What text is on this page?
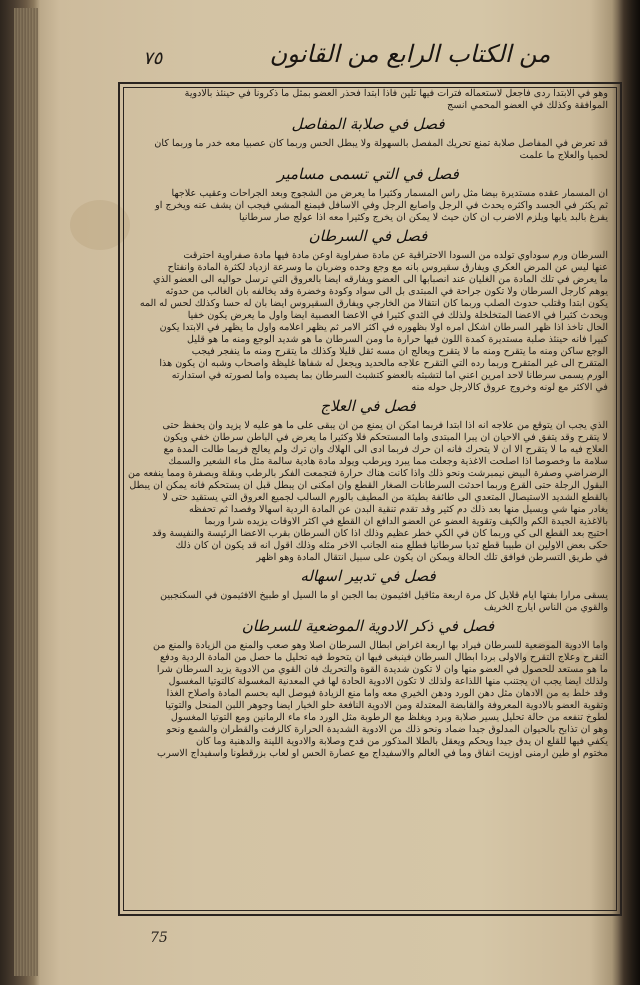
٧٥	من الكتاب الرابع من القانون
وهو في الابتدا ردى فاجعل لاستعماله فترات فيها تلين فاذا ابتدا فحذر العضو بمثل ما ذكرونا في حينئذ بالادوية
الموافقة وكذلك في العضو المحمي انسج
فصل في صلابة المفاصل
قد تعرض في المفاصل صلابة تمنع تحريك المفصل بالسهولة ولا يبطل الحس وربما كان عصبيا معه خدر ما وربما كان
لحميا والعلاج ما علمت
فصل في التي تسمى مسامير
ان المسمار عقده مستديرة بيضا مثل راس المسمار وكثيرا ما يعرض من الشجوج وبعد الجراحات وعقيب علاجها
ثم يكثر في الجسد واكثره يحدث في الرجل واصابع الرجل وفي الاسافل فيمنع المشي فيجب ان يشف عنه ويخرج او
يفرغ بالبد يابها ويلزم الاضرب ان كان حيث لا يمكن ان يخرج وكثيرا معه اذا عولج صار سرطانيا
فصل في السرطان
السرطان ورم سوداوي تولده من السودا الاحتراقية عن مادة صفراوية اوعن مادة فيها مادة صفراوية احترقت
عنها ليس عن المرض العكري ويفارق سقيروس بانه مع وجع وحده وضربان ما وسرعة ازدياد لكثرة المادة وانفتاح
ما يعرض في تلك المادة من الغليان عند انصبابها الى العضو ويفارقه ايضا بالعروق التي ترسل حواليه الى العضو الذي
يوهم كارجل السرطان ولا تكون جراحة في المبتدى بل الى سواد وكودة وخضرة وقد يخالفه بان الغالب من حدوثه
يكون ابتدا وقتلب حدوث الصلب وربما كان انتقالا من الخارجي ويفارق السقيروس ايضا بان له حسا وكذلك لحس له المه
ويحدث كثيرا في الاعضا المتخلخلة ولذلك في الثدي كثيرا في الاعضا العصبية ايضا واول ما يعرض يكون خفيا
الحال تأخذ اذا ظهر السرطان اشكل امره اولا بظهوره في اكثر الامر ثم يظهر اعلامه واول ما يظهر في الابتدا يكون
كبيرا فانه حينئذ صلبة مستديرة كمدة اللون فيها حرارة ما ومن السرطان ما هو شديد الوجع ومنه ما هو قليل
الوجع ساكن ومنه ما يتقرح ومنه ما لا يتقرح ويعالج ان مسه ثقل قليلا وكذلك ما يتقرح ومنه ما ينفجر فيجب
المتقرح الى غير المتقرح وربما رده التي التقرح علاجه مالحديد ويجعل له شفاها غليظة واصحاب وشبه ان يكون هذا
الورم يسمى سرطانا لاحد امرين اعني اما لتشبثه بالعضو كتشبث السرطان بما يصيده واما لصورته في استدارته
في الاكثر مع لونه وخروج عروق كالارجل حوله منه
فصل في العلاج
الذي يجب ان يتوقع من علاجه انه اذا ابتدا فربما امكن ان يمنع من ان يبقى على ما هو عليه لا يزيد وان يحفظ حتى
لا يتقرح وقد يتفق في الاحيان ان يبرا المبتدى واما المستحكم فلا وكثيرا ما يعرض في الباطن سرطان خفي ويكون
العلاج فيه ما لا يتقرح الا ان لا يتحرك فانه ان حرك فربما ادى الى الهلاك وان ترك ولم يعالج فربما طالت المدة مع
سلامة ما وخصوصا اذا اصلحت الاغذية وجعلت مما يبرد ويرطب ويولد مادة هادية سالمة مثل ماء الشعير والسمك
الرضراضي وصفرة البيض نيمبرشت ونحو ذلك واذا كانت هناك حرارة فتجمعت الفكر بالرطب وبقلة وبصفرة ومما ينفعه من
البقول الرجلة حتى القرع وربما احدثت السرطانات الصغار القطع وان امكنى ان يبطل قبل ان يستحكم فانه يمكن ان يبطل
بالقطع الشديد الاستيصال المتعدي الى طائفة بطيئة من المطيف بالورم السالب لجميع العروق التي يستقيد حتى لا
يغادر منها شي ويسيل منها بعد ذلك دم كثير وقد تقدم تنقية البدن عن المادة الردية اسهالا وفصدا ثم تحفظه
بالاغذية الجيدة الكم والكيف وتقوية العضو عن العضو الدافع ان القطع في اكثر الاوقات يزيده شرا وربما
احتيج بعد القطع الى كي وربما كان في الكي خطر عظيم وذلك اذا كان السرطان بقرب الاعضا الرئيسة والنفيسة وقد
حكى بعض الاولين ان طبيبا قطع ثديا سرطانيا فطلع منه الجانب الاخر مثله وذلك اقول انه قد يكون ان كان ذلك
في طريق التسرطن فوافق تلك الحالة ويمكن ان يكون على سبيل انتقال المادة وهو اظهر
فصل في تدبير اسهاله
يسقى مرارا بفتها ايام قلايل كل مرة اربعة مثاقيل افثيمون بما الجبن او ما السيل او طبيخ الافثيمون في السكنجبين
والقوي من الناس ايارج الخريف
فصل في ذكر الادوية الموضعية للسرطان
واما الادوية الموضعية للسرطان فيراد بها اربعة اغراض ابطال السرطان اصلا وهو صعب والمنع من الزيادة والمنع من
التقرح وعلاج التقرح والاولى بردا ابطال السرطان فينبغى فيها ان يتحوط فيه تحليل ما حصل من المادة الردية ودفع
ما هو مستعد للحصول في العضو منها وان لا تكون شديدة القوة والتحريك فان القوي من الادوية يزيد السرطان شرا
ولذلك ايضا يجب ان يجتنب منها اللذاعة ولذلك لا تكون الادوية الحادة لها في المعدنية المغسولة كالتوتيا المغسول
وقد خلط به من الادهان مثل دهن الورد ودهن الخيري معه واما منع الزيادة فيوصل اليه بحسم المادة واصلاح الغذا
وتقوية العضو بالادوية المعروفة والقابضة المعتدلة ومن الادوية النافعة حلو الخيار ايضا وجوهر اللبن المنحل والتوتيا
لطوخ تنفعه من حالة تحليل يسير صلابة وبرد ويغلظ مع الرطوبة مثل الورد ماء ماء الرمانين ومع التوتيا المغسول
وهو ان تذابح بالحيوان المدلوق جيدا ضماد ونحو ذلك من الادوية الشديدة الحرارة كالزفت والقطران والشمع ونحو
يكفي فيها للقلع ان يدق جيدا ويحكم ويعقل بالطلا المذكور من قدح وصلابة والادوية اللينة والدهنية وما كان
مختوم او طين ارمنى اوزيت انفاق وما في العالم والاسفيداج مع عصارة الحس او لعاب بزرقطونا واسفيداج الاسرب
75
